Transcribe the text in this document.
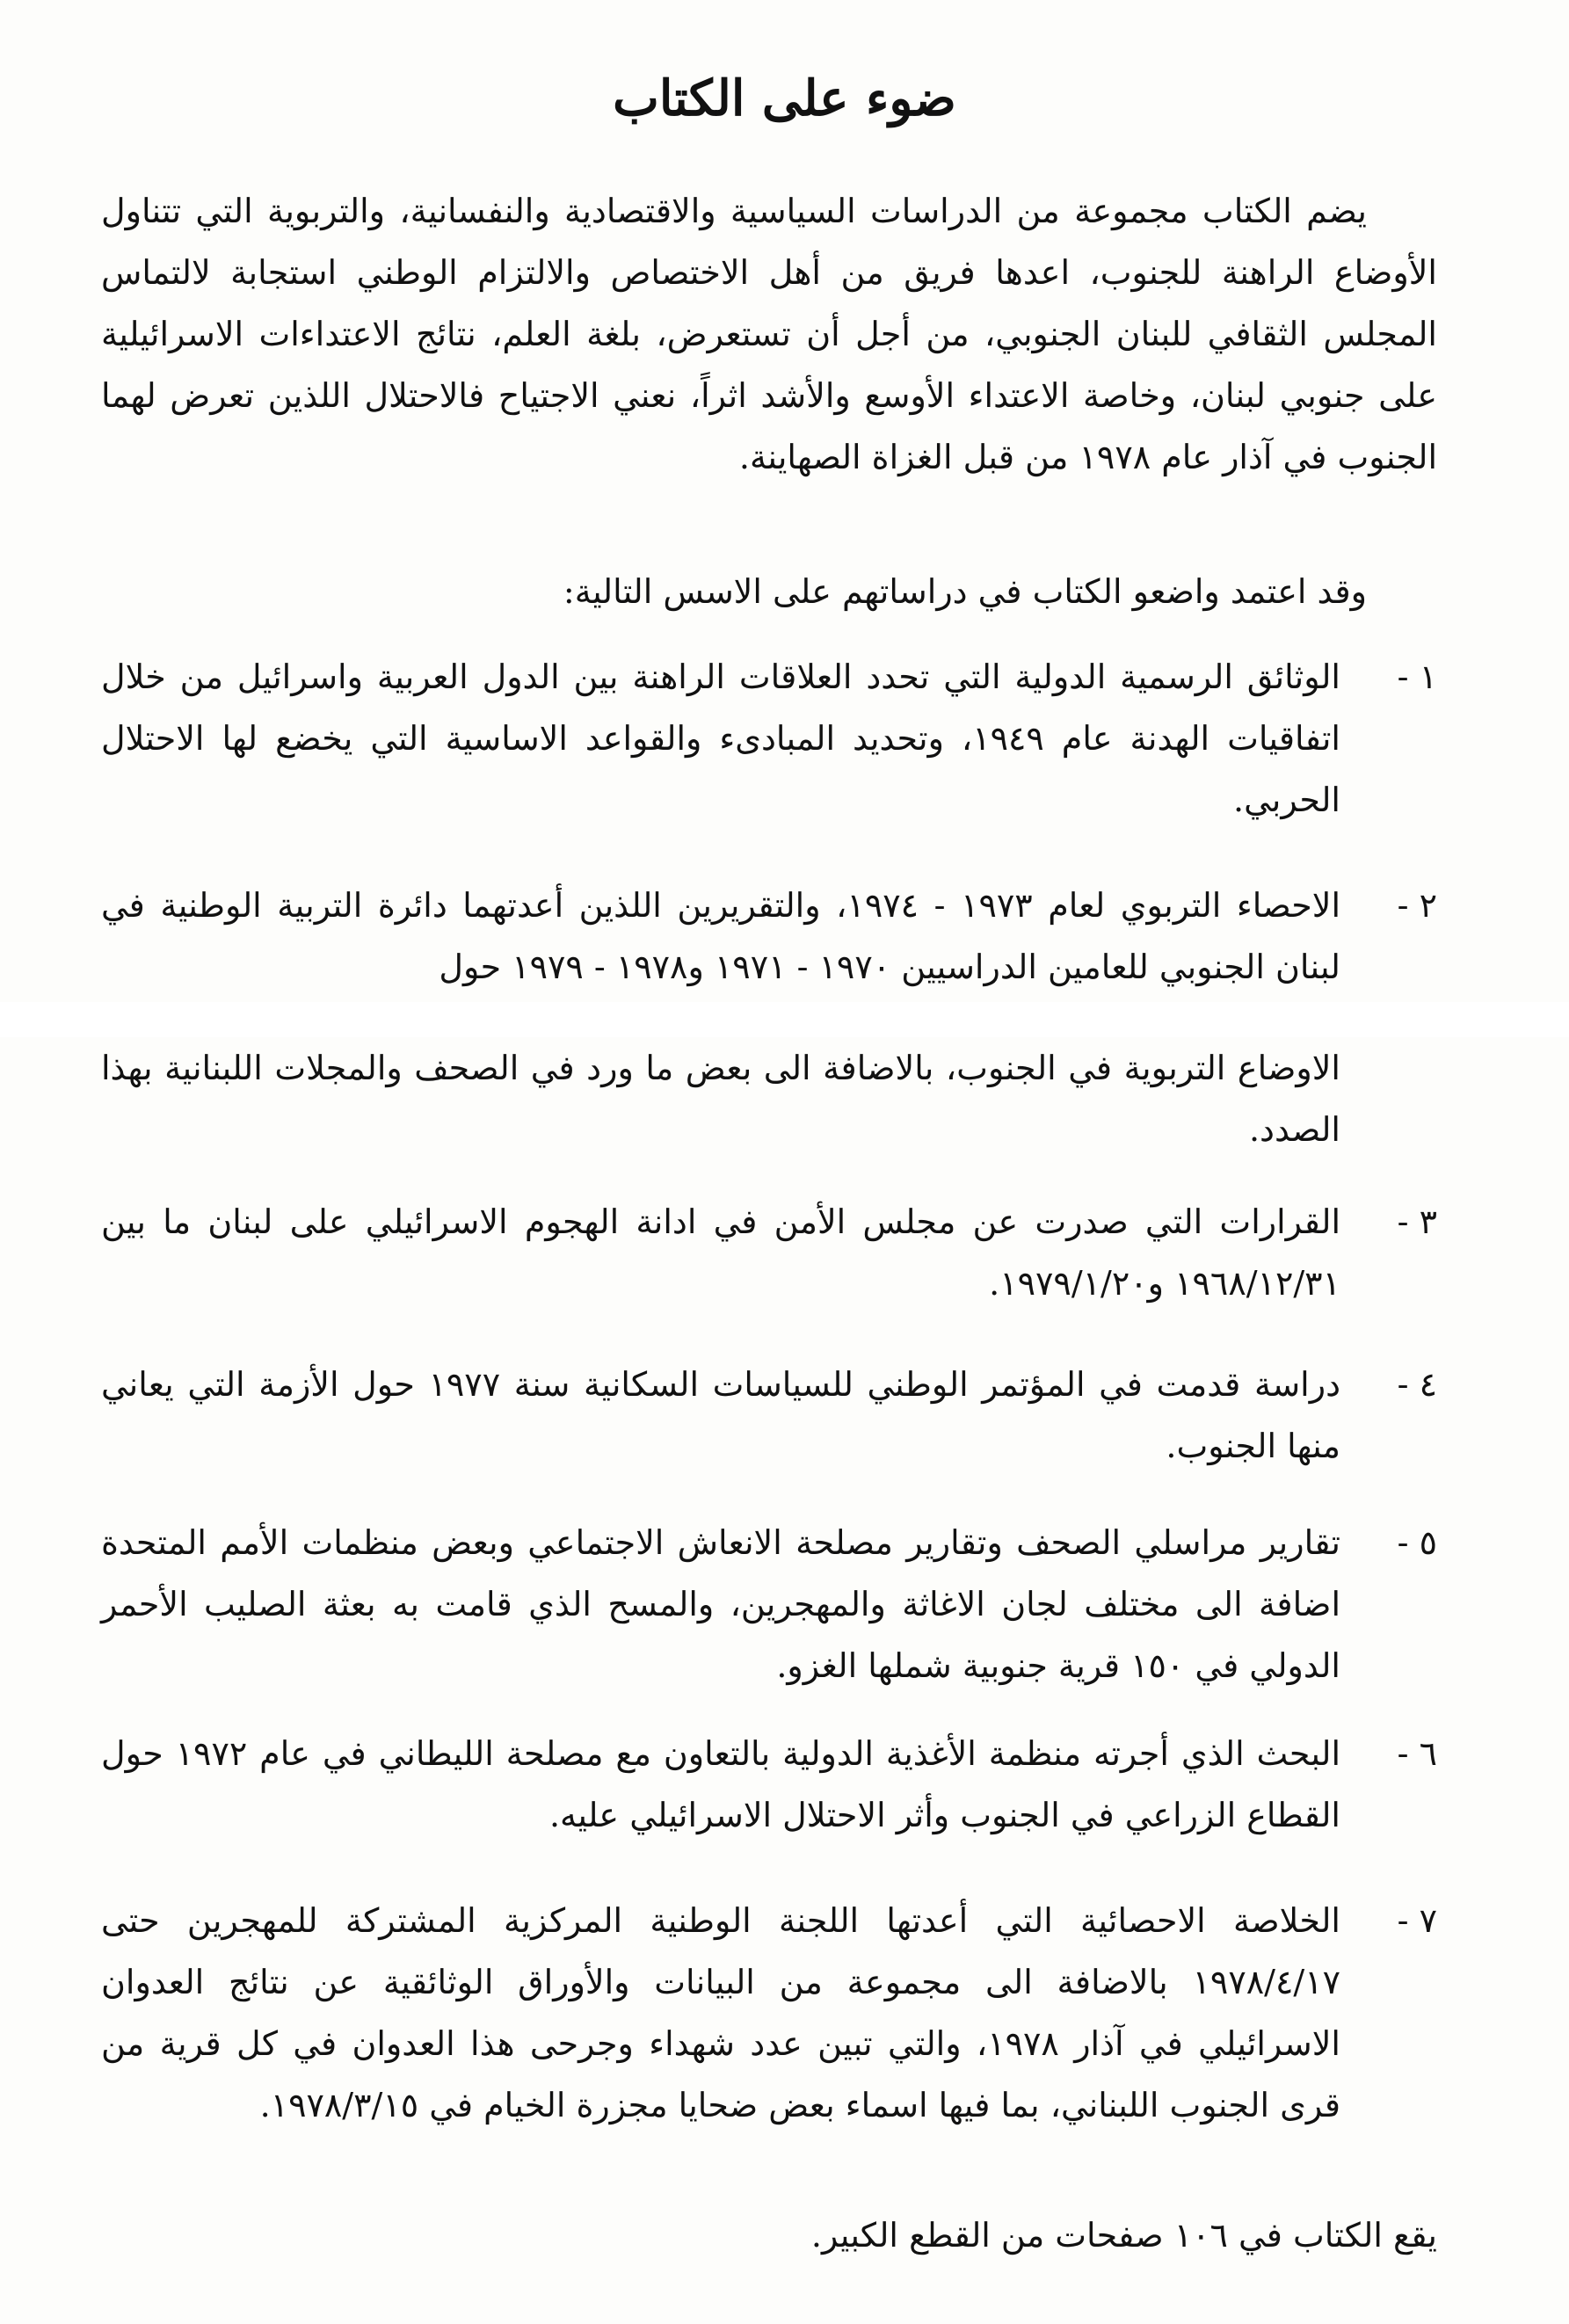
ضوء على الكتاب

يضم الكتاب مجموعة من الدراسات السياسية والاقتصادية والنفسانية، والتربوية التي تتناول الأوضاع الراهنة للجنوب، اعدها فريق من أهل الاختصاص والالتزام الوطني استجابة لالتماس المجلس الثقافي للبنان الجنوبي، من أجل أن تستعرض، بلغة العلم، نتائج الاعتداءات الاسرائيلية على جنوبي لبنان، وخاصة الاعتداء الأوسع والأشد اثراً، نعني الاجتياح فالاحتلال اللذين تعرض لهما الجنوب في آذار عام ١٩٧٨ من قبل الغزاة الصهاينة.

وقد اعتمد واضعو الكتاب في دراساتهم على الاسس التالية:

١ -
الوثائق الرسمية الدولية التي تحدد العلاقات الراهنة بين الدول العربية واسرائيل من خلال اتفاقيات الهدنة عام ١٩٤٩، وتحديد المبادىء والقواعد الاساسية التي يخضع لها الاحتلال الحربي.
٢ -
الاحصاء التربوي لعام ١٩٧٣ - ١٩٧٤، والتقريرين اللذين أعدتهما دائرة التربية الوطنية في لبنان الجنوبي للعامين الدراسيين ١٩٧٠ - ١٩٧١ و١٩٧٨ - ١٩٧٩ حول
الاوضاع التربوية في الجنوب، بالاضافة الى بعض ما ورد في الصحف والمجلات اللبنانية بهذا الصدد.
٣ -
القرارات التي صدرت عن مجلس الأمن في ادانة الهجوم الاسرائيلي على لبنان ما بين ١٩٦٨/١٢/٣١ و١٩٧٩/١/٢٠.
٤ -
دراسة قدمت في المؤتمر الوطني للسياسات السكانية سنة ١٩٧٧ حول الأزمة التي يعاني منها الجنوب.
٥ -
تقارير مراسلي الصحف وتقارير مصلحة الانعاش الاجتماعي وبعض منظمات الأمم المتحدة اضافة الى مختلف لجان الاغاثة والمهجرين، والمسح الذي قامت به بعثة الصليب الأحمر الدولي في ١٥٠ قرية جنوبية شملها الغزو.
٦ -
البحث الذي أجرته منظمة الأغذية الدولية بالتعاون مع مصلحة الليطاني في عام ١٩٧٢ حول القطاع الزراعي في الجنوب وأثر الاحتلال الاسرائيلي عليه.
٧ -
الخلاصة الاحصائية التي أعدتها اللجنة الوطنية المركزية المشتركة للمهجرين حتى ١٩٧٨/٤/١٧ بالاضافة الى مجموعة من البيانات والأوراق الوثائقية عن نتائج العدوان الاسرائيلي في آذار ١٩٧٨، والتي تبين عدد شهداء وجرحى هذا العدوان في كل قرية من قرى الجنوب اللبناني، بما فيها اسماء بعض ضحايا مجزرة الخيام في ١٩٧٨/٣/١٥.

يقع الكتاب في ١٠٦ صفحات من القطع الكبير.
